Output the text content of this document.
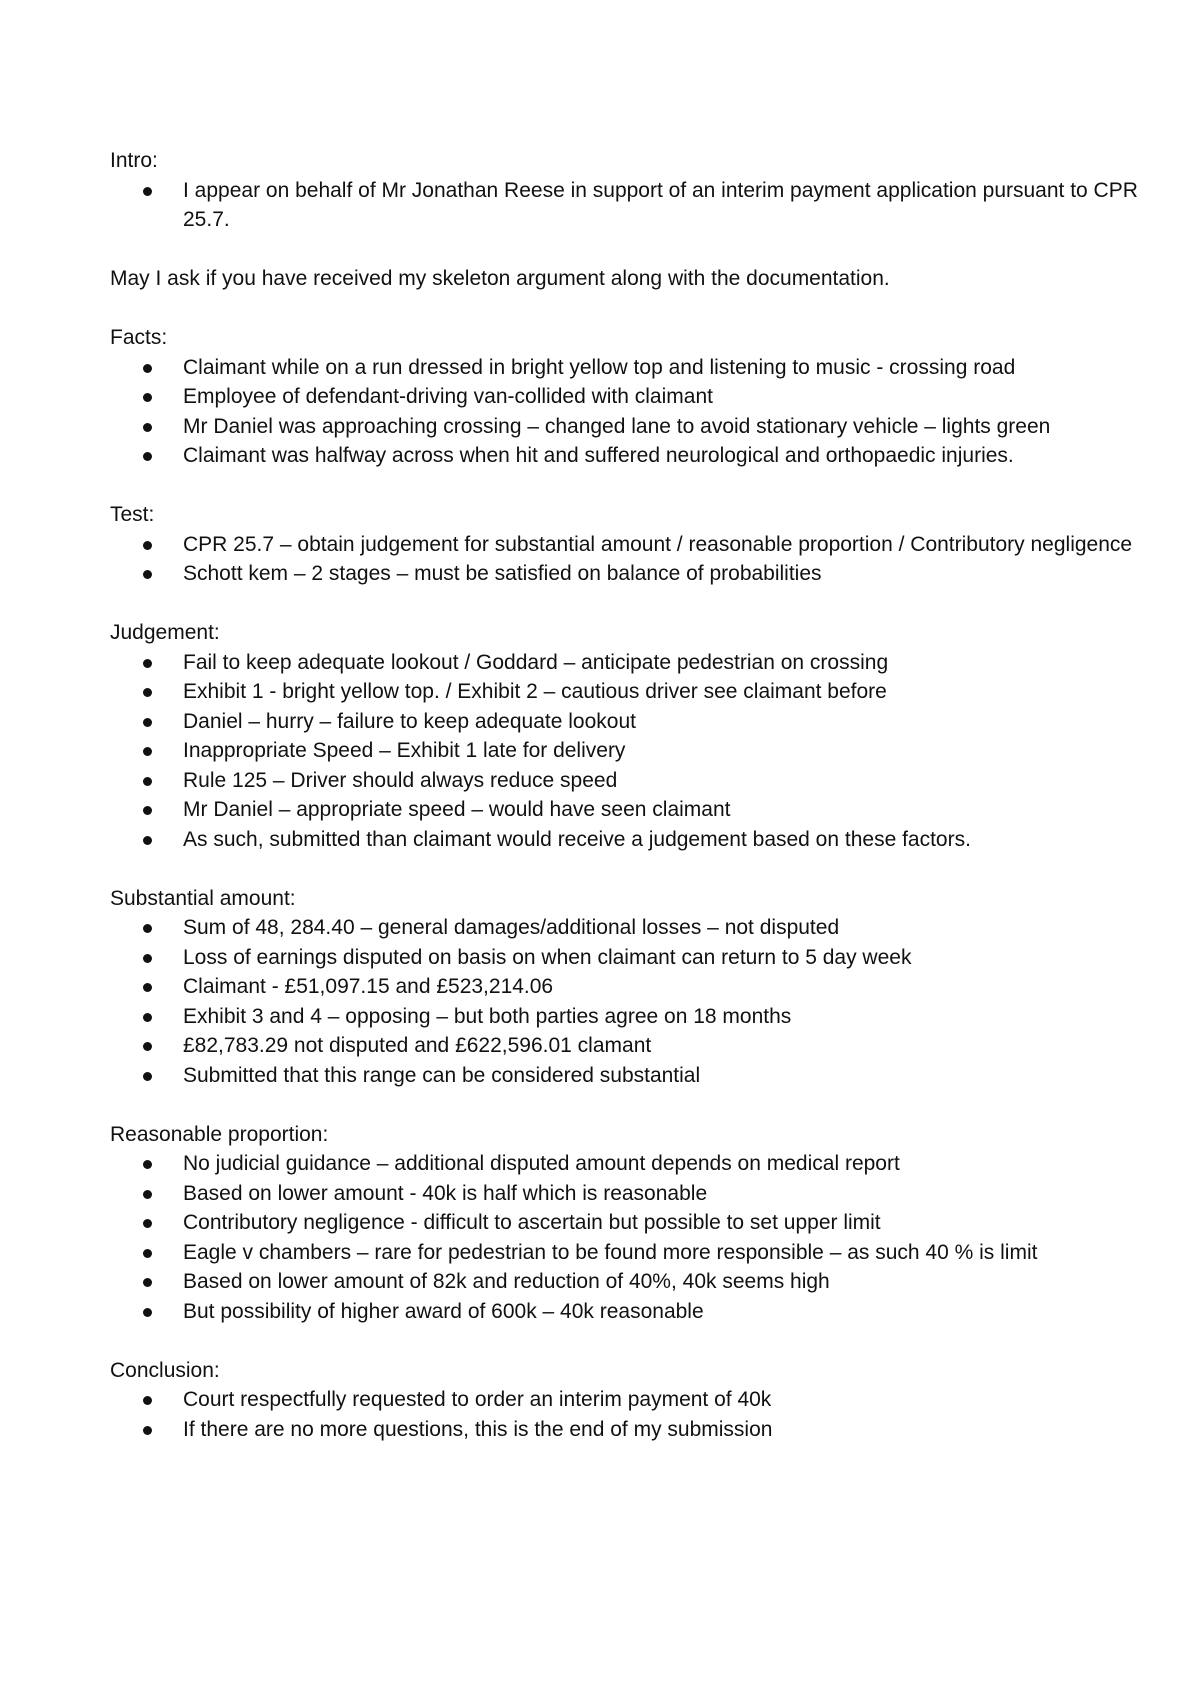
Intro:
I appear on behalf of Mr Jonathan Reese in support of an interim payment application pursuant to CPR 25.7.

May I ask if you have received my skeleton argument along with the documentation.

Facts:
Claimant while on a run dressed in bright yellow top and listening to music - crossing road
Employee of defendant-driving van-collided with claimant
Mr Daniel was approaching crossing – changed lane to avoid stationary vehicle – lights green
Claimant was halfway across when hit and suffered neurological and orthopaedic injuries.
Test:
CPR 25.7 – obtain judgement for substantial amount / reasonable proportion / Contributory negligence
Schott kem – 2 stages – must be satisfied on balance of probabilities
Judgement:
Fail to keep adequate lookout / Goddard – anticipate pedestrian on crossing
Exhibit 1 - bright yellow top. / Exhibit 2 – cautious driver see claimant before
Daniel – hurry – failure to keep adequate lookout
Inappropriate Speed – Exhibit 1 late for delivery
Rule 125 – Driver should always reduce speed
Mr Daniel – appropriate speed – would have seen claimant
As such, submitted than claimant would receive a judgement based on these factors.
Substantial amount:
Sum of 48, 284.40 – general damages/additional losses – not disputed
Loss of earnings disputed on basis on when claimant can return to 5 day week
Claimant - £51,097.15 and £523,214.06
Exhibit 3 and 4 – opposing – but both parties agree on 18 months
£82,783.29 not disputed and £622,596.01 clamant
Submitted that this range can be considered substantial
Reasonable proportion:
No judicial guidance – additional disputed amount depends on medical report
Based on lower amount - 40k is half which is reasonable
Contributory negligence - difficult to ascertain but possible to set upper limit
Eagle v chambers – rare for pedestrian to be found more responsible – as such 40 % is limit
Based on lower amount of 82k and reduction of 40%, 40k seems high
But possibility of higher award of 600k – 40k reasonable
Conclusion:
Court respectfully requested to order an interim payment of 40k
If there are no more questions, this is the end of my submission
